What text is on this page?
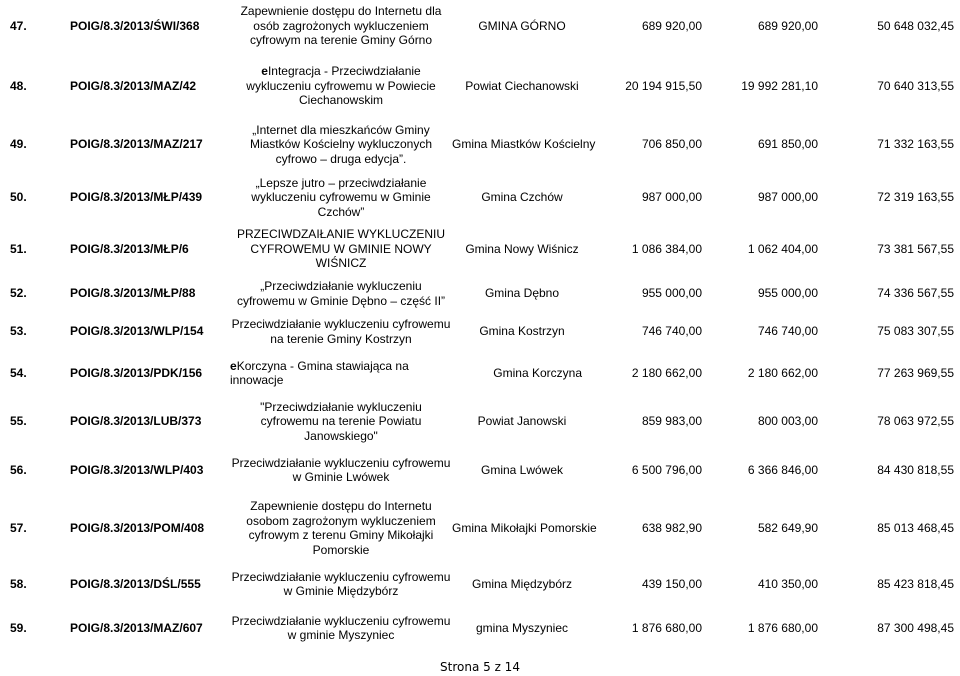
47.	POIG/8.3/2013/ŚWI/368	Zapewnienie dostępu do Internetu dla osób zagrożonych wykluczeniem cyfrowym na terenie Gminy Górno	GMINA GÓRNO	689 920,00	689 920,00	50 648 032,45

48.	POIG/8.3/2013/MAZ/42	eIntegracja - Przeciwdziałanie wykluczeniu cyfrowemu w Powiecie Ciechanowskim	Powiat Ciechanowski	20 194 915,50	19 992 281,10	70 640 313,55

49.	POIG/8.3/2013/MAZ/217	„Internet dla mieszkańców Gminy Miastków Kościelny wykluczonych cyfrowo – druga edycja”.	Gmina Miastków Kościelny	706 850,00	691 850,00	71 332 163,55

50.	POIG/8.3/2013/MŁP/439	„Lepsze jutro – przeciwdziałanie wykluczeniu cyfrowemu w Gminie Czchów”	Gmina Czchów	987 000,00	987 000,00	72 319 163,55

51.	POIG/8.3/2013/MŁP/6	PRZECIWDZAIŁANIE WYKLUCZENIU CYFROWEMU W GMINIE NOWY WIŚNICZ	Gmina Nowy Wiśnicz	1 086 384,00	1 062 404,00	73 381 567,55

52.	POIG/8.3/2013/MŁP/88	„Przeciwdziałanie wykluczeniu cyfrowemu w Gminie Dębno – część II”	Gmina Dębno	955 000,00	955 000,00	74 336 567,55

53.	POIG/8.3/2013/WLP/154	Przeciwdziałanie wykluczeniu cyfrowemu na terenie Gminy Kostrzyn	Gmina Kostrzyn	746 740,00	746 740,00	75 083 307,55

54.	POIG/8.3/2013/PDK/156	eKorczyna - Gmina stawiająca na innowacje	Gmina Korczyna	2 180 662,00	2 180 662,00	77 263 969,55

55.	POIG/8.3/2013/LUB/373	"Przeciwdziałanie wykluczeniu cyfrowemu na terenie Powiatu Janowskiego"	Powiat Janowski	859 983,00	800 003,00	78 063 972,55

56.	POIG/8.3/2013/WLP/403	Przeciwdziałanie wykluczeniu cyfrowemu w Gminie Lwówek	Gmina Lwówek	6 500 796,00	6 366 846,00	84 430 818,55

57.	POIG/8.3/2013/POM/408	Zapewnienie dostępu do Internetu osobom zagrożonym wykluczeniem cyfrowym z terenu Gminy Mikołajki Pomorskie	Gmina Mikołajki Pomorskie	638 982,90	582 649,90	85 013 468,45

58.	POIG/8.3/2013/DŚL/555	Przeciwdziałanie wykluczeniu cyfrowemu w Gminie Międzybórz	Gmina Międzybórz	439 150,00	410 350,00	85 423 818,45

59.	POIG/8.3/2013/MAZ/607	Przeciwdziałanie wykluczeniu cyfrowemu w gminie Myszyniec	gmina Myszyniec	1 876 680,00	1 876 680,00	87 300 498,45
Strona 5 z 14
